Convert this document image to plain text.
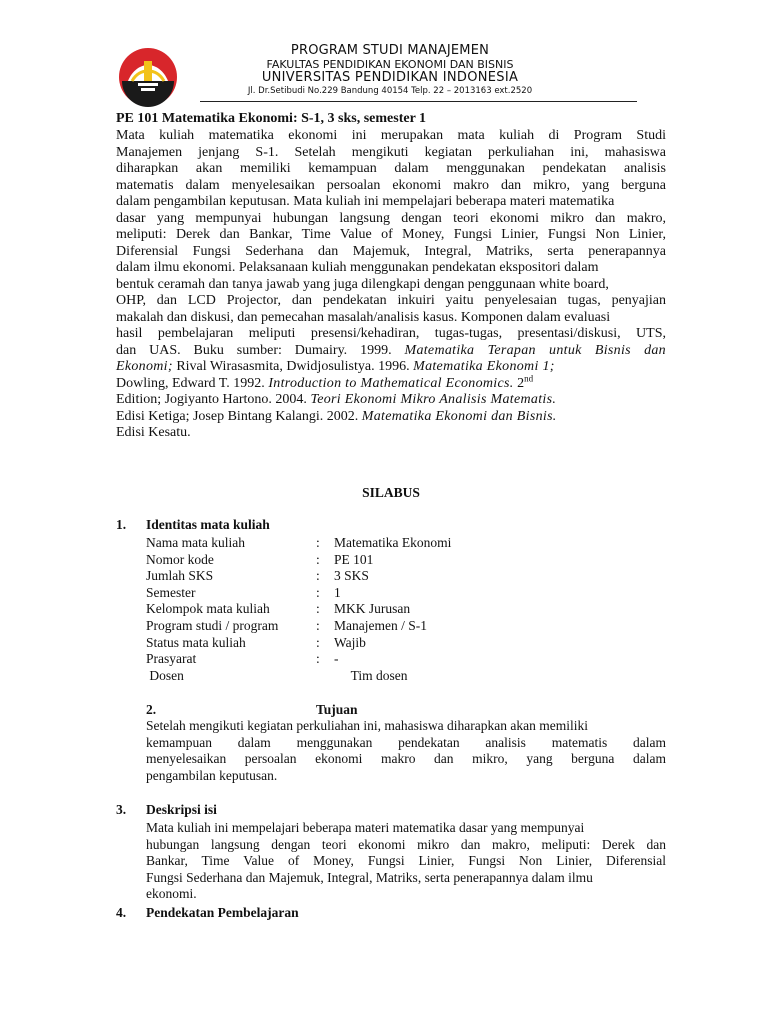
PROGRAM STUDI MANAJEMEN
FAKULTAS PENDIDIKAN EKONOMI DAN BISNIS
UNIVERSITAS PENDIDIKAN INDONESIA
Jl. Dr.Setibudi No.229 Bandung 40154 Telp. 22 – 2013163 ext.2520
PE 101 Matematika Ekonomi: S-1, 3 sks, semester 1
Mata kuliah matematika ekonomi ini merupakan mata kuliah di Program Studi
Manajemen jenjang S-1. Setelah mengikuti kegiatan perkuliahan ini, mahasiswa
diharapkan akan memiliki kemampuan dalam menggunakan pendekatan analisis
matematis dalam menyelesaikan persoalan ekonomi makro dan mikro, yang berguna
dalam pengambilan keputusan. Mata kuliah ini mempelajari beberapa materi matematika
dasar yang mempunyai hubungan langsung dengan teori ekonomi mikro dan makro,
meliputi: Derek dan Bankar, Time Value of Money, Fungsi Linier, Fungsi Non Linier,
Diferensial Fungsi Sederhana dan Majemuk, Integral, Matriks, serta penerapannya
dalam ilmu ekonomi. Pelaksanaan kuliah menggunakan pendekatan ekspositori dalam
bentuk ceramah dan tanya jawab yang juga dilengkapi dengan penggunaan white board,
OHP, dan LCD Projector, dan pendekatan inkuiri yaitu penyelesaian tugas, penyajian
makalah dan diskusi, dan pemecahan masalah/analisis kasus. Komponen dalam evaluasi
hasil pembelajaran meliputi presensi/kehadiran, tugas-tugas, presentasi/diskusi, UTS,
dan UAS. Buku sumber: Dumairy. 1999. Matematika Terapan untuk Bisnis dan
Ekonomi; Rival Wirasasmita, Dwidjosulistya. 1996. Matematika Ekonomi 1;
Dowling, Edward T. 1992. Introduction to Mathematical Economics. 2nd
Edition; Jogiyanto Hartono. 2004. Teori Ekonomi Mikro Analisis Matematis.
Edisi Ketiga; Josep Bintang Kalangi. 2002. Matematika Ekonomi dan Bisnis.
Edisi Kesatu.
SILABUS
1. Identitas mata kuliah
Nama mata kuliah	: Matematika Ekonomi
Nomor kode	: PE 101
Jumlah SKS	: 3 SKS
Semester	: 1
Kelompok mata kuliah	: MKK Jurusan
Program studi / program	: Manajemen / S-1
Status mata kuliah	: Wajib
Prasyarat	: -
Dosen	Tim dosen
2.	Tujuan
Setelah mengikuti kegiatan perkuliahan ini, mahasiswa diharapkan akan memiliki
kemampuan dalam menggunakan pendekatan analisis matematis dalam
menyelesaikan persoalan ekonomi makro dan mikro, yang berguna dalam
pengambilan keputusan.
3. Deskripsi isi
Mata kuliah ini mempelajari beberapa materi matematika dasar yang mempunyai
hubungan langsung dengan teori ekonomi mikro dan makro, meliputi: Derek dan
Bankar, Time Value of Money, Fungsi Linier, Fungsi Non Linier, Diferensial
Fungsi Sederhana dan Majemuk, Integral, Matriks, serta penerapannya dalam ilmu
ekonomi.
4. Pendekatan Pembelajaran
